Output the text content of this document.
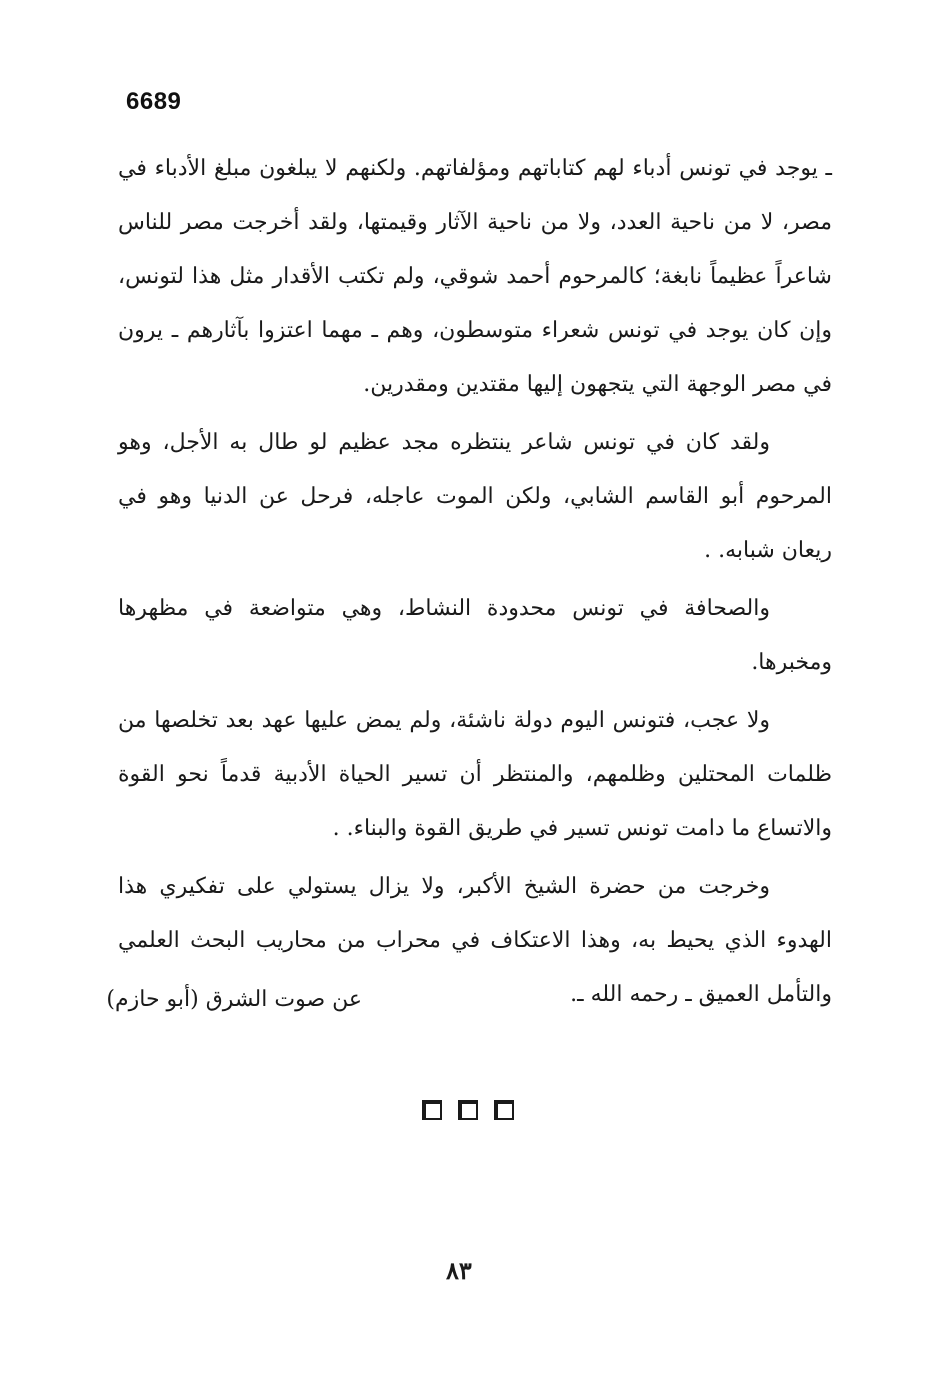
6689

ـ يوجد في تونس أدباء لهم كتاباتهم ومؤلفاتهم. ولكنهم لا يبلغون مبلغ الأدباء في مصر، لا من ناحية العدد، ولا من ناحية الآثار وقيمتها، ولقد أخرجت مصر للناس شاعراً عظيماً نابغة؛ كالمرحوم أحمد شوقي، ولم تكتب الأقدار مثل هذا لتونس، وإن كان يوجد في تونس شعراء متوسطون، وهم ـ مهما اعتزوا بآثارهم ـ يرون في مصر الوجهة التي يتجهون إليها مقتدين ومقدرين.

ولقد كان في تونس شاعر ينتظره مجد عظيم لو طال به الأجل، وهو المرحوم أبو القاسم الشابي، ولكن الموت عاجله، فرحل عن الدنيا وهو في ريعان شبابه. .

والصحافة في تونس محدودة النشاط، وهي متواضعة في مظهرها ومخبرها.

ولا عجب، فتونس اليوم دولة ناشئة، ولم يمض عليها عهد بعد تخلصها من ظلمات المحتلين وظلمهم، والمنتظر أن تسير الحياة الأدبية قدماً نحو القوة والاتساع ما دامت تونس تسير في طريق القوة والبناء. .

وخرجت من حضرة الشيخ الأكبر، ولا يزال يستولي على تفكيري هذا الهدوء الذي يحيط به، وهذا الاعتكاف في محراب من محاريب البحث العلمي والتأمل العميق ـ رحمه الله ـ.

عن صوت الشرق (أبو حازم)
٨٣
